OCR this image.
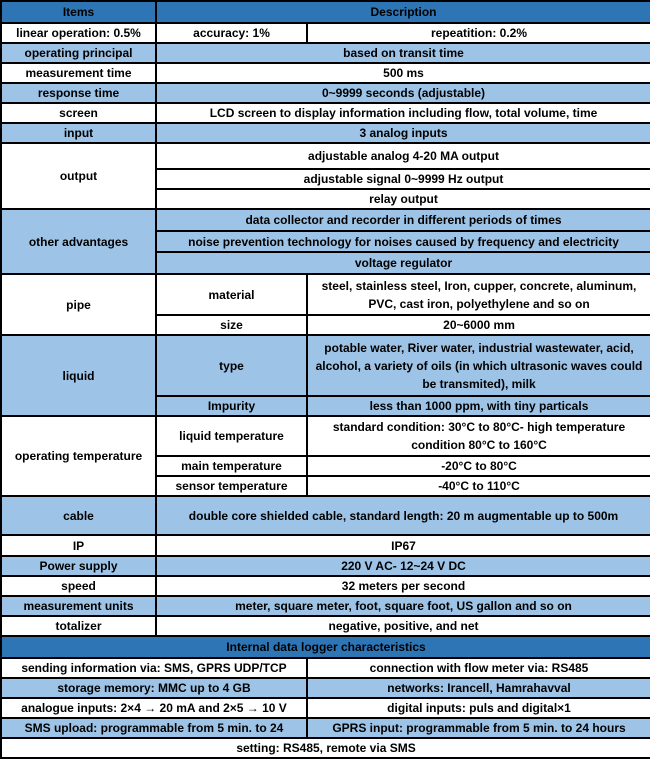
Items	Description	
linear operation: 0.5%	accuracy: 1%	repeatition: 0.2%
operating principal	based on transit time	
measurement time	500 ms	
response time	0~9999 seconds (adjustable)	
screen	LCD screen to display information including flow, total volume, time	
input	3 analog inputs	
output	adjustable analog 4-20 MA output	
	adjustable signal 0~9999 Hz output	
	relay output	
other advantages	data collector and recorder in different periods of times	
	noise prevention technology for noises caused by frequency and electricity	
	voltage regulator	
pipe	material	steel, stainless steel, Iron, cupper, concrete, aluminum, PVC, cast iron, polyethylene and so on
	size	20~6000 mm
liquid	type	potable water, River water, industrial wastewater, acid, alcohol, a variety of oils (in which ultrasonic waves could be transmited), milk
	Impurity	less than 1000 ppm, with tiny particals
operating temperature	liquid temperature	standard condition: 30°C to 80°C- high temperature condition 80°C to 160°C
	main temperature	-20°C to 80°C
	sensor temperature	-40°C to 110°C
cable	double core shielded cable, standard length: 20 m augmentable up to 500m	
IP	IP67	
Power supply	220 V AC- 12~24 V DC	
speed	32 meters per second	
measurement units	meter, square meter, foot, square foot, US gallon and so on	
totalizer	negative, positive, and net	
Internal data logger characteristics		
sending information via: SMS, GPRS UDP/TCP		connection with flow meter via: RS485
storage memory: MMC up to 4 GB		networks: Irancell, Hamrahavval
analogue inputs: 2×4 → 20 mA and 2×5 → 10 V		digital inputs: puls and digital×1
SMS upload: programmable from 5 min. to 24		GPRS input: programmable from 5 min. to 24 hours
setting: RS485, remote via SMS		
